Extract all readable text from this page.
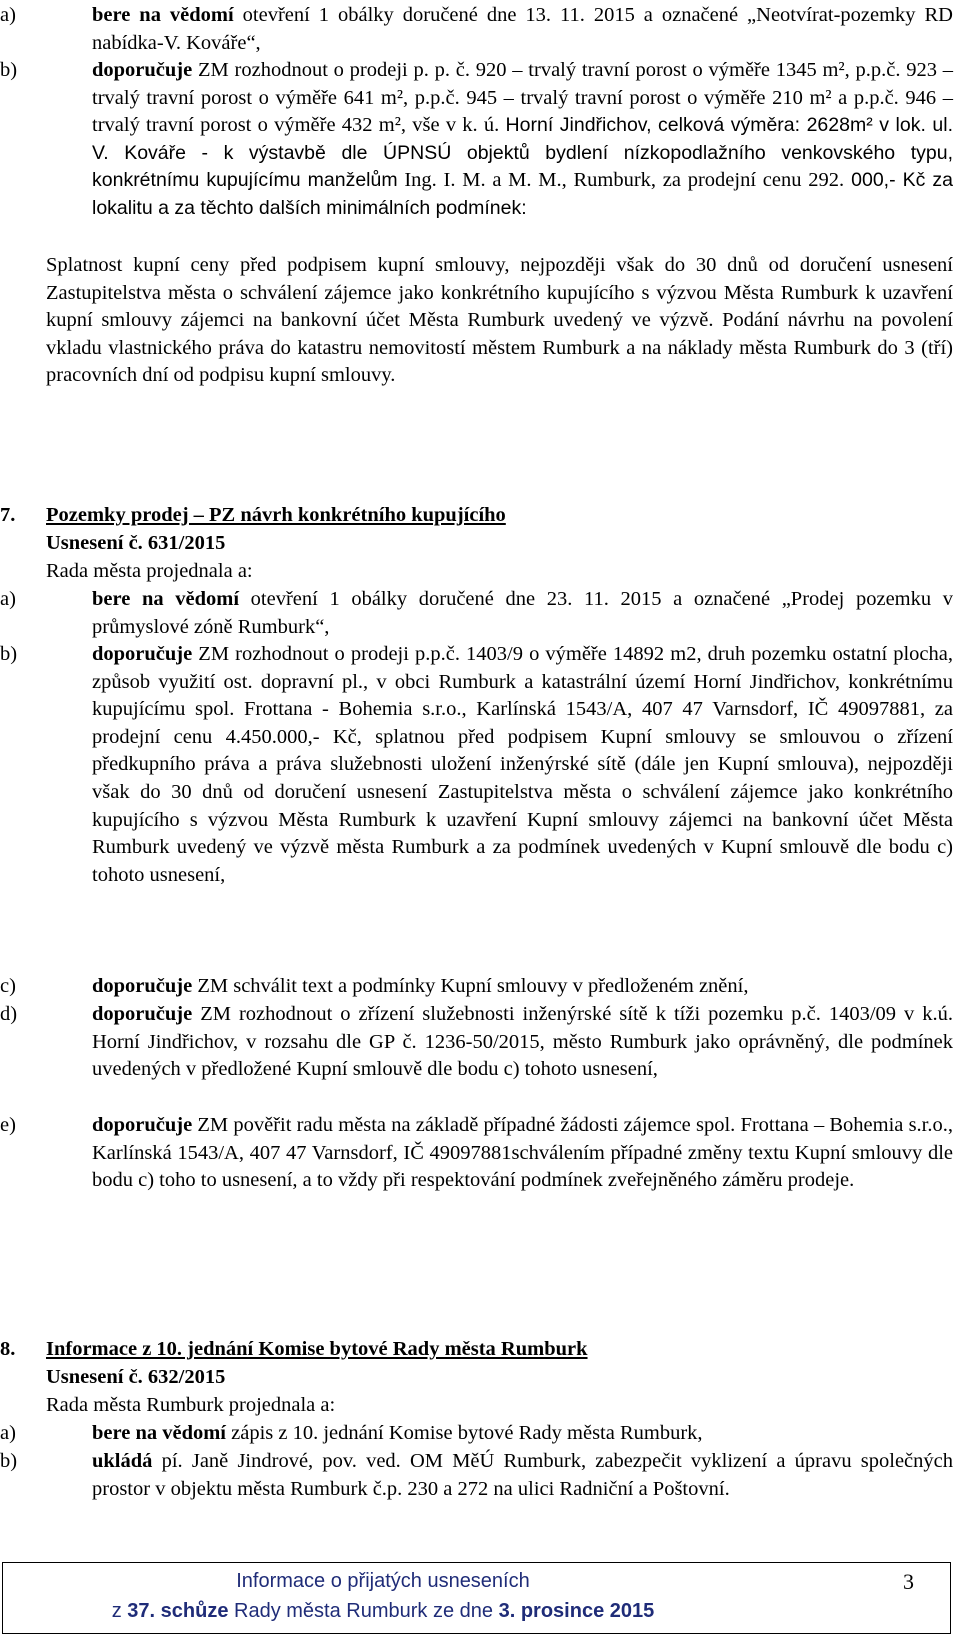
a)	bere na vědomí otevření 1 obálky doručené dne 13. 11. 2015 a označené „Neotvírat-pozemky RD nabídka-V. Kováře“,
b)	doporučuje ZM rozhodnout o prodeji p. p. č. 920 – trvalý travní porost o výměře 1345 m², p.p.č. 923 – trvalý travní porost o výměře 641 m², p.p.č. 945 – trvalý travní porost o výměře 210 m² a p.p.č. 946 – trvalý travní porost o výměře 432 m², vše v k. ú. Horní Jindřichov, celková výměra: 2628m² v lok. ul. V. Kováře - k výstavbě dle ÚPNSÚ objektů bydlení nízkopodlažního venkovského typu, konkrétnímu kupujícímu manželům Ing. I. M. a M. M., Rumburk, za prodejní cenu 292. 000,- Kč za lokalitu a za těchto dalších minimálních podmínek:
Splatnost kupní ceny před podpisem kupní smlouvy, nejpozději však do 30 dnů od doručení usnesení Zastupitelstva města o schválení zájemce jako konkrétního kupujícího s výzvou Města Rumburk k uzavření kupní smlouvy zájemci na bankovní účet Města Rumburk uvedený ve výzvě. Podání návrhu na povolení vkladu vlastnického práva do katastru nemovitostí městem Rumburk a na náklady města Rumburk do 3 (tří) pracovních dní od podpisu kupní smlouvy.
7. Pozemky prodej – PZ návrh konkrétního kupujícího
Usnesení č. 631/2015
Rada města projednala a:
a)	bere na vědomí otevření 1 obálky doručené dne 23. 11. 2015 a označené „Prodej pozemku v průmyslové zóně Rumburk“,
b)	doporučuje ZM rozhodnout o prodeji p.p.č. 1403/9 o výměře 14892 m2, druh pozemku ostatní plocha, způsob využití ost. dopravní pl., v obci Rumburk a katastrální území Horní Jindřichov, konkrétnímu kupujícímu spol. Frottana - Bohemia s.r.o., Karlínská 1543/A, 407 47 Varnsdorf, IČ 49097881, za prodejní cenu 4.450.000,- Kč, splatnou před podpisem Kupní smlouvy se smlouvou o zřízení předkupního práva a práva služebnosti uložení inženýrské sítě (dále jen Kupní smlouva), nejpozději však do 30 dnů od doručení usnesení Zastupitelstva města o schválení zájemce jako konkrétního kupujícího s výzvou Města Rumburk k uzavření Kupní smlouvy zájemci na bankovní účet Města Rumburk uvedený ve výzvě města Rumburk a za podmínek uvedených v Kupní smlouvě dle bodu c) tohoto usnesení,
c)	doporučuje ZM schválit text a podmínky Kupní smlouvy v předloženém znění,
d)	doporučuje ZM rozhodnout o zřízení služebnosti inženýrské sítě k tíži pozemku p.č. 1403/09 v k.ú. Horní Jindřichov, v rozsahu dle GP č. 1236-50/2015, město Rumburk jako oprávněný, dle podmínek uvedených v předložené Kupní smlouvě dle bodu c) tohoto usnesení,
e)	doporučuje ZM pověřit radu města na základě případné žádosti zájemce spol. Frottana – Bohemia s.r.o., Karlínská 1543/A, 407 47 Varnsdorf, IČ 49097881schválením případné změny textu Kupní smlouvy dle bodu c) toho to usnesení, a to vždy při respektování podmínek zveřejněného záměru prodeje.
8. Informace z 10. jednání Komise bytové Rady města Rumburk
Usnesení č. 632/2015
Rada města Rumburk projednala a:
a)	bere na vědomí zápis z 10. jednání Komise bytové Rady města Rumburk,
b)	ukládá pí. Janě Jindrové, pov. ved. OM MěÚ Rumburk, zabezpečit vyklizení a úpravu společných prostor v objektu města Rumburk č.p. 230 a 272 na ulici Radniční a Poštovní.
Informace o přijatých usneseních
z 37. schůze Rady města Rumburk ze dne 3. prosince 2015
3
